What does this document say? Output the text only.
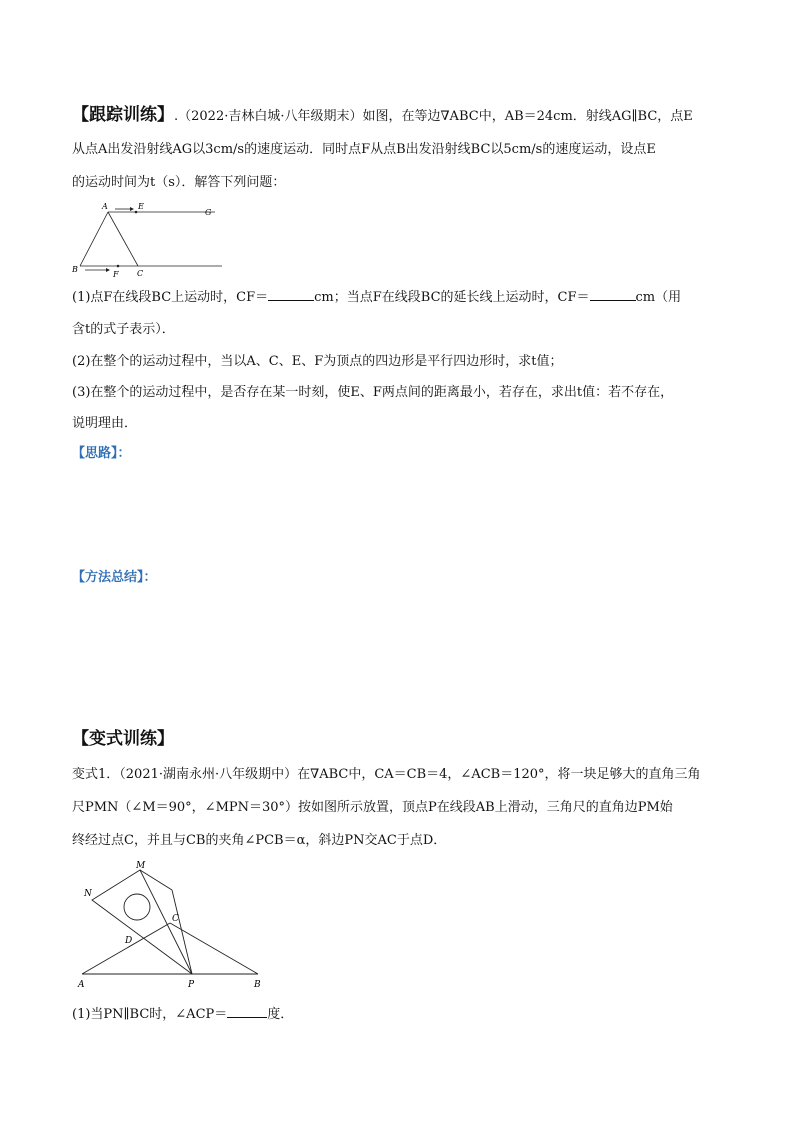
【跟踪训练】.（2022·吉林白城·八年级期末）如图，在等边∇ABC中，AB＝24cm．射线AG∥BC，点E
从点A出发沿射线AG以3cm/s的速度运动．同时点F从点B出发沿射线BC以5cm/s的速度运动，设点E
的运动时间为t（s）．解答下列问题：
A	E
G
B
F C
(1)点F在线段BC上运动时，CF＝	cm；当点F在线段BC的延长线上运动时，CF＝	cm（用
含t的式子表示）．
(2)在整个的运动过程中，当以A、C、E、F为顶点的四边形是平行四边形时，求t值；
(3)在整个的运动过程中，是否存在某一时刻，使E、F两点间的距离最小，若存在，求出t值：若不存在，
说明理由．
【思路】：
【方法总结】：
【变式训练】
变式1．（2021·湖南永州·八年级期中）在∇ABC中，CA＝CB＝4，∠ACB＝120°，将一块足够大的直角三角
尺PMN（∠M＝90°，∠MPN＝30°）按如图所示放置，顶点P在线段AB上滑动，三角尺的直角边PM始
终经过点C，并且与CB的夹角∠PCB＝α，斜边PN交AC于点D．
M
N
C
D
A	P	B
(1)当PN∥BC时，∠ACP＝	度．
